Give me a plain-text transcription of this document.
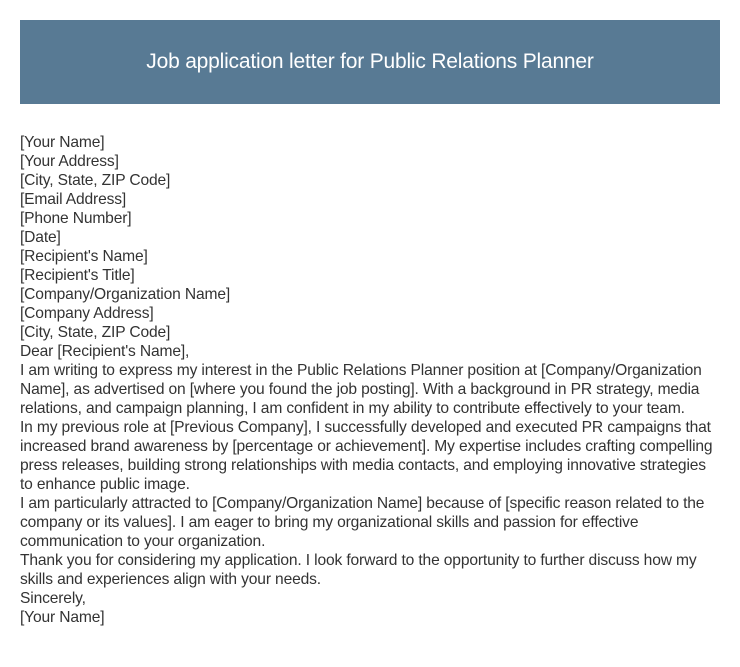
Job application letter for Public Relations Planner
[Your Name]
[Your Address]
[City, State, ZIP Code]
[Email Address]
[Phone Number]
[Date]
[Recipient's Name]
[Recipient's Title]
[Company/Organization Name]
[Company Address]
[City, State, ZIP Code]
Dear [Recipient's Name],
I am writing to express my interest in the Public Relations Planner position at [Company/Organization Name], as advertised on [where you found the job posting]. With a background in PR strategy, media relations, and campaign planning, I am confident in my ability to contribute effectively to your team.
In my previous role at [Previous Company], I successfully developed and executed PR campaigns that increased brand awareness by [percentage or achievement]. My expertise includes crafting compelling press releases, building strong relationships with media contacts, and employing innovative strategies to enhance public image.
I am particularly attracted to [Company/Organization Name] because of [specific reason related to the company or its values]. I am eager to bring my organizational skills and passion for effective communication to your organization.
Thank you for considering my application. I look forward to the opportunity to further discuss how my skills and experiences align with your needs.
Sincerely,
[Your Name]
